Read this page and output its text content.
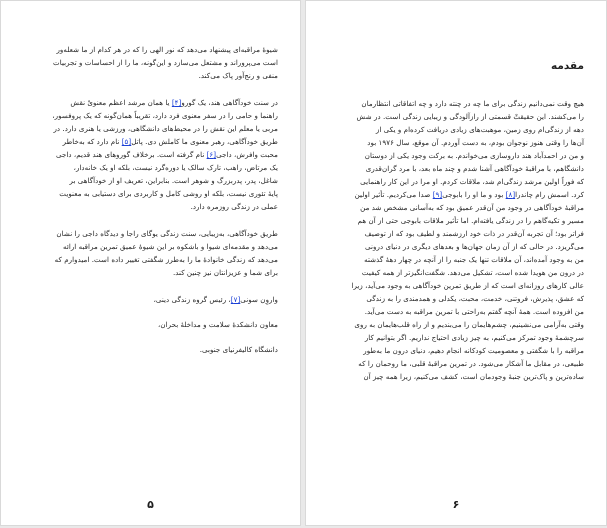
شیوهٔ مراقبه‌ای پیشنهاد می‌دهد که نور الهی را که در هر کدام از ما شعله‌ور
است می‌پروراند و مشتعل می‌سازد و این‌گونه، ما را از احساسات و تجربیات
منفی و رنج‌آور پاک می‌کند.

در سنت خودآگاهی هند، یک گورو[۴] یا همان مرشد اعظم معنویْ نقش
راهنما و حامی را در سفر معنوی فرد دارد، تقریباً همان‌گونه که یک پروفسور،
مربی یا معلم این نقش را در محیط‌های دانشگاهی، ورزشی یا هنری دارد. در
طریق خودآگاهی، رهبر معنوی ما کاملش دی. پاتل[۵] نام دارد که به‌خاطر
محبت وافرش، داجی[۶] نام گرفته است. برخلاف گوروهای هند قدیم، داجی
یک مرتاض، راهب، تارک سالک یا دوره‌گرد نیست، بلکه او یک خانه‌دار،
شاغل، پدر، پدربزرگ و شوهر است. بنابراین، تعریف او از خودآگاهی بر
پایهٔ تئوری نیست، بلکه او روشی کامل و کاربردی برای دستیابی به معنویت
عملی در زندگی روزمره دارد.

طریق خودآگاهی، به‌زیبایی، سنت زندگی یوگای راجا و دیدگاه داجی را نشان
می‌دهد و مقدمه‌ای شیوا و باشکوه بر این شیوهٔ عمیق تمرین مراقبه ارائه
می‌دهد که زندگی خانوادهٔ ما را به‌طرز شگفتی تغییر داده است. امیدوارم که
برای شما و عزیزانتان نیز چنین کند.

واروِن سونی[۷]، رئیس گروه زندگی دینی،

معاون دانشکدهٔ سلامت و مداخلهٔ بحران،

دانشگاه کالیفرنیای جنوبی.

۵
مقدمه

هیچ وقت نمی‌دانیم زندگی برای ما چه در چنته دارد و چه اتفاقاتی انتظارمان
را می‌کشند. این حقیقتْ قسمتی از رازآلودگی و زیبایی زندگی است. در شش
دهه از زندگی‌ام روی زمین، موهبت‌های زیادی دریافت کرده‌ام و یکی از
آن‌ها را وقتی هنوز نوجوان بودم، به دست آوردم. آن موقع، سال ۱۹۷۶ بود
و من در احمدآباد هند داروسازی می‌خواندم. به برکت وجود یکی از دوستان
دانشگاهم، با مراقبهٔ خودآگاهی آشنا شدم و چند ماه بعد، با مرد گران‌قدری
که فوراً اولین مرشد زندگی‌ام شد، ملاقات کردم. او مرا در این کار راهنمایی
کرد. اسمش رام چاندرا[۸] بود و ما او را بابوجی[۹] صدا می‌کردیم. تأثیر اولین
مراقبهٔ خودآگاهی در وجود من آن‌قدر عمیق بود که به‌آسانی مشخص شد من
مسیر و تکیه‌گاهم را در زندگی یافته‌ام. اما تأثیر ملاقات بابوجی حتی از آن هم
فراتر بود؛ آن تجربه آن‌قدر در ذات خود ارزشمند و لطیف بود که از توصیف
می‌گریزد. در حالی که از آن زمان جهان‌ها و بعدهای دیگری در دنیای درونی
من به وجود آمده‌اند، آن ملاقات تنها یک جنبه را از آنچه در چهار دههٔ گذشته
در درون من هویدا شده است، تشکیل می‌دهد. شگفت‌انگیزتر از همه کیفیت
عالی کارهای روزانه‌ای است که از طریق تمرین خودآگاهی به وجود می‌آید، زیرا
که عشق، پذیرش، فروتنی، خدمت، محبت، یکدلی و همدمندی را به زندگی
من افزوده است. همهٔ آنچه گفتم به‌راحتی با تمرین مراقبه به دست می‌آید.
وقتی به‌آرامی می‌نشینیم، چشم‌هایمان را می‌بندیم و از راه قلب‌هایمان به روی
سرچشمهٔ وجود تمرکز می‌کنیم، به چیز زیادی احتیاج نداریم. اگر بتوانیم کار
مراقبه را با شگفتی و معصومیت کودکانه انجام دهیم، دنیای درون ما به‌طور
طبیعی، در مقابل ما آشکار می‌شود. در تمرین مراقبهٔ قلبی، ما روحمان را که
ساده‌ترین و پاک‌ترین جنبهٔ وجودمان است، کشف می‌کنیم، زیرا همه چیز آن

۶
